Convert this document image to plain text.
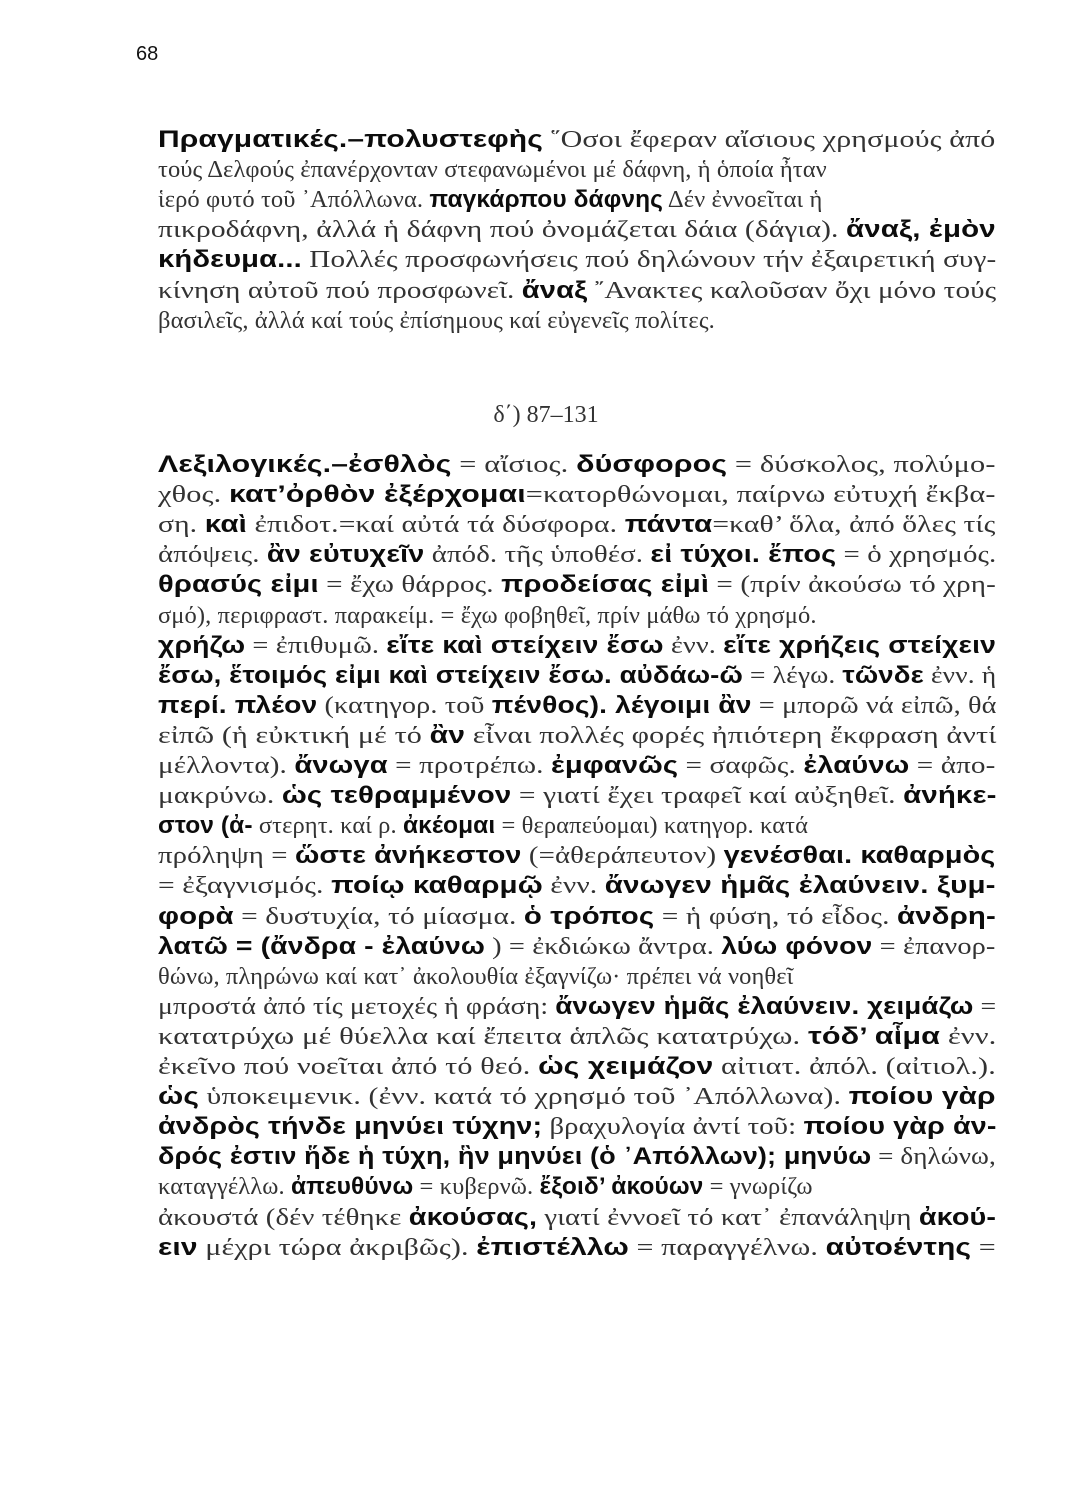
68
Πραγματικές.–πολυστεφὴς ῞Οσοι ἔφεραν αἴσιους χρησμούς ἀπό
τούς Δελφούς ἐπανέρχονταν στεφανωμένοι μέ δάφνη, ἡ ὁποία ἦταν
ἱερό φυτό τοῦ ᾿Απόλλωνα. παγκάρπου δάφνης Δέν ἐννοεῖται ἡ
πικροδάφνη, ἀλλά ἡ δάφνη πού ὀνομάζεται δάια (δάγια). ἄναξ, ἐμὸν
κήδευμα... Πολλές προσφωνήσεις πού δηλώνουν τήν ἐξαιρετική συγ-
κίνηση αὐτοῦ πού προσφωνεῖ. ἄναξ ῎Ανακτες καλοῦσαν ὄχι μόνο τούς
βασιλεῖς, ἀλλά καί τούς ἐπίσημους καί εὐγενεῖς πολίτες.
δ΄) 87–131
Λεξιλογικές.–ἐσθλὸς = αἴσιος. δύσφορος = δύσκολος, πολύμο-
χθος. κατ’ὀρθὸν ἐξέρχομαι=κατορθώνομαι, παίρνω εὐτυχή ἔκβα-
ση. καὶ ἐπιδοτ.=καί αὐτά τά δύσφορα. πάντα=καθ’ ὅλα, ἀπό ὅλες τίς
ἀπόψεις. ἂν εὐτυχεῖν ἀπόδ. τῆς ὑποθέσ. εἰ τύχοι. ἔπος = ὁ χρησμός.
θρασύς εἰμι = ἔχω θάρρος. προδείσας εἰμὶ = (πρίν ἀκούσω τό χρη-
σμό), περιφραστ. παρακείμ. = ἔχω φοβηθεῖ, πρίν μάθω τό χρησμό.
χρήζω = ἐπιθυμῶ. εἴτε καὶ στείχειν ἔσω ἐνν. εἴτε χρήζεις στείχειν
ἔσω, ἕτοιμός εἰμι καὶ στείχειν ἔσω. αὐδάω-ῶ = λέγω. τῶνδε ἐνν. ἡ
περί. πλέον (κατηγορ. τοῦ πένθος). λέγοιμι ἂν = μπορῶ νά εἰπῶ, θά
εἰπῶ (ἡ εὐκτική μέ τό ἂν εἶναι πολλές φορές ἠπιότερη ἔκφραση ἀντί
μέλλοντα). ἄνωγα = προτρέπω. ἐμφανῶς = σαφῶς. ἐλαύνω = ἀπο-
μακρύνω. ὡς τεθραμμένον = γιατί ἔχει τραφεῖ καί αὐξηθεῖ. ἀνήκε-
στον (ἀ- στερητ. καί ρ. ἀκέομαι = θεραπεύομαι) κατηγορ. κατά
πρόληψη = ὥστε ἀνήκεστον (=ἀθεράπευτον) γενέσθαι. καθαρμὸς
= ἐξαγνισμός. ποίῳ καθαρμῷ ἐνν. ἄνωγεν ἡμᾶς ἐλαύνειν. ξυμ-
φορὰ = δυστυχία, τό μίασμα. ὁ τρόπος = ἡ φύση, τό εἶδος. ἀνδρη-
λατῶ = (ἄνδρα - ἐλαύνω ) = ἐκδιώκω ἄντρα. λύω φόνον = ἐπανορ-
θώνω, πληρώνω καί κατ᾿ ἀκολουθία ἐξαγνίζω· πρέπει νά νοηθεῖ
μπροστά ἀπό τίς μετοχές ἡ φράση: ἄνωγεν ἡμᾶς ἐλαύνειν. χειμάζω =
κατατρύχω μέ θύελλα καί ἔπειτα ἁπλῶς κατατρύχω. τόδ’ αἷμα ἐνν.
ἐκεῖνο πού νοεῖται ἀπό τό θεό. ὡς χειμάζον αἰτιατ. ἀπόλ. (αἰτιολ.).
ὡς ὑποκειμενικ. (ἐνν. κατά τό χρησμό τοῦ ᾿Απόλλωνα). ποίου γὰρ
ἀνδρὸς τήνδε μηνύει τύχην; βραχυλογία ἀντί τοῦ: ποίου γὰρ ἀν-
δρός ἐστιν ἥδε ἡ τύχη, ἣν μηνύει (ὁ ᾿Απόλλων); μηνύω = δηλώνω,
καταγγέλλω. ἀπευθύνω = κυβερνῶ. ἔξοιδ’ ἀκούων = γνωρίζω
ἀκουστά (δέν τέθηκε ἀκούσας, γιατί ἐννοεῖ τό κατ᾿ ἐπανάληψη ἀκού-
ειν μέχρι τώρα ἀκριβῶς). ἐπιστέλλω = παραγγέλνω. αὐτοέντης =
